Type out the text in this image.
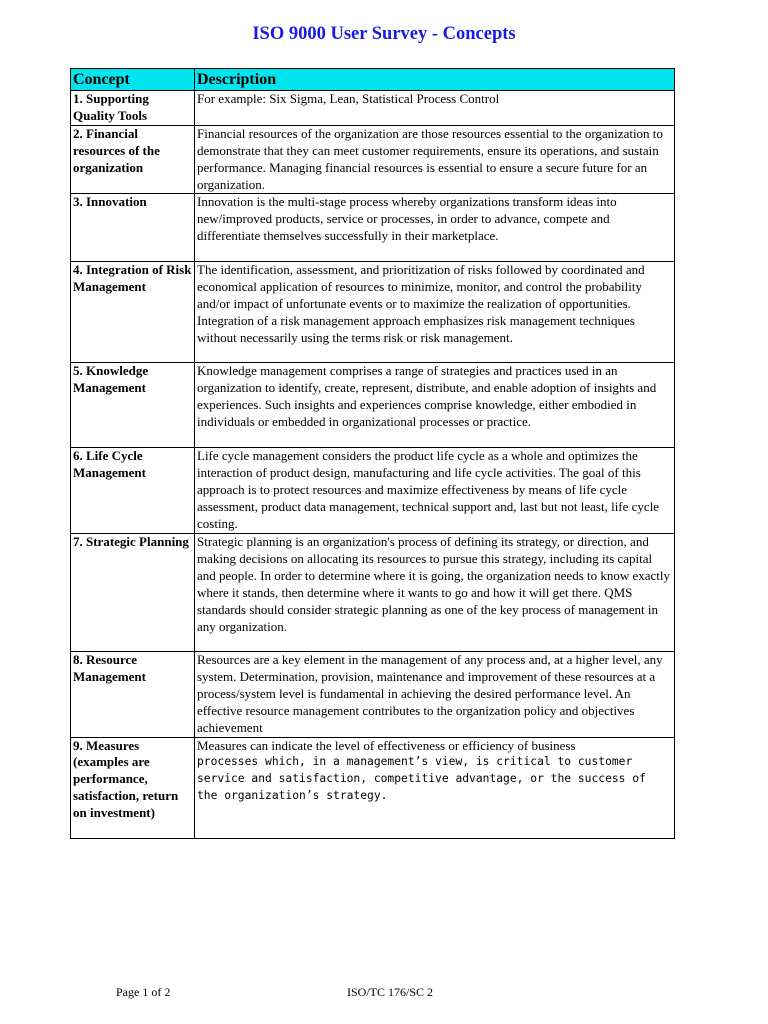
ISO 9000 User Survey - Concepts
Concept	Description
1. Supporting Quality Tools	For example: Six Sigma, Lean, Statistical Process Control

2. Financial resources of the organization	Financial resources of the organization are those resources essential to the organization to demonstrate that they can meet customer requirements, ensure its operations, and sustain performance. Managing financial resources is essential to ensure a secure future for an organization.

3. Innovation	Innovation is the multi-stage process whereby organizations transform ideas into new/improved products, service or processes, in order to advance, compete and differentiate themselves successfully in their marketplace.

4. Integration of Risk Management	The identification, assessment, and prioritization of risks followed by coordinated and economical application of resources to minimize, monitor, and control the probability and/or impact of unfortunate events or to maximize the realization of opportunities.
Integration of a risk management approach emphasizes risk management techniques without necessarily using the terms risk or risk management.

5. Knowledge Management	Knowledge management comprises a range of strategies and practices used in an organization to identify, create, represent, distribute, and enable adoption of insights and experiences. Such insights and experiences comprise knowledge, either embodied in individuals or embedded in organizational processes or practice.

6. Life Cycle Management	Life cycle management considers the product life cycle as a whole and optimizes the interaction of product design, manufacturing and life cycle activities. The goal of this approach is to protect resources and maximize effectiveness by means of life cycle assessment, product data management, technical support and, last but not least, life cycle costing.

7. Strategic Planning	Strategic planning is an organization's process of defining its strategy, or direction, and making decisions on allocating its resources to pursue this strategy, including its capital and people. In order to determine where it is going, the organization needs to know exactly where it stands, then determine where it wants to go and how it will get there. QMS standards should consider strategic planning as one of the key process of management in any organization.

8. Resource Management	Resources are a key element in the management of any process and, at a higher level, any system. Determination, provision, maintenance and improvement of these resources at a process/system level is fundamental in achieving the desired performance level. An effective resource management contributes to the organization policy and objectives achievement

9. Measures (examples are performance, satisfaction, return on investment)	Measures can indicate the level of effectiveness or efficiency of business
processes which, in a management’s view, is critical to customer service and satisfaction, competitive advantage, or the success of the organization’s strategy.
Page 1 of 2	ISO/TC 176/SC 2
